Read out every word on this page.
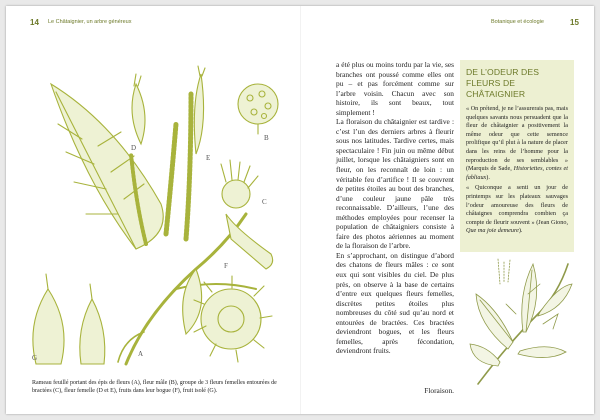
14 Le Châtaignier, un arbre généreux
A
B
C
D
E
F
G
Rameau feuillé portant des épis de fleurs (A), fleur mâle (B), groupe de 3 fleurs femelles entourées de bractées (C), fleur femelle (D et E), fruits dans leur bogue (F), fruit isolé (G).
Botanique et écologie	15

a été plus ou moins tordu par la vie, ses branches ont poussé comme elles ont pu – et pas forcément comme sur l’arbre voisin. Chacun avec son histoire, ils sont beaux, tout simplement !

La floraison du châtaignier est tardive : c’est l’un des derniers arbres à fleurir sous nos latitudes. Tardive certes, mais spectaculaire ! Fin juin ou même début juillet, lorsque les châtaigniers sont en fleur, on les reconnaît de loin : un véritable feu d’artifice ! Il se couvrent de petites étoiles au bout des branches, d’une couleur jaune pâle très reconnaissable. D’ailleurs, l’une des méthodes employées pour recenser la population de châtaigniers consiste à faire des photos aériennes au moment de la floraison de l’arbre.

En s’approchant, on distingue d’abord des chatons de fleurs mâles : ce sont eux qui sont visibles du ciel. De plus près, on observe à la base de certains d’entre eux quelques fleurs femelles, discrètes petites étoiles plus nombreuses du côté sud qu’au nord et entourées de bractées. Ces bractées deviendront bogues, et les fleurs femelles, après fécondation, deviendront fruits.

Floraison.
DE L’ODEUR DES FLEURS DE CHÂTAIGNIER

« On prétend, je ne l’assurerais pas, mais quelques savants nous persuadent que la fleur de châtaignier a positivement la même odeur que cette semence prolifique qu’il plut à la nature de placer dans les reins de l’homme pour la reproduction de ses semblables » (Marquis de Sade, Historiettes, contes et fabliaux).

« Quiconque a senti un jour de printemps sur les plateaux sauvages l’odeur amoureuse des fleurs de châtaignes comprendra combien ça compte de fleurir souvent » (Jean Giono, Que ma joie demeure).
